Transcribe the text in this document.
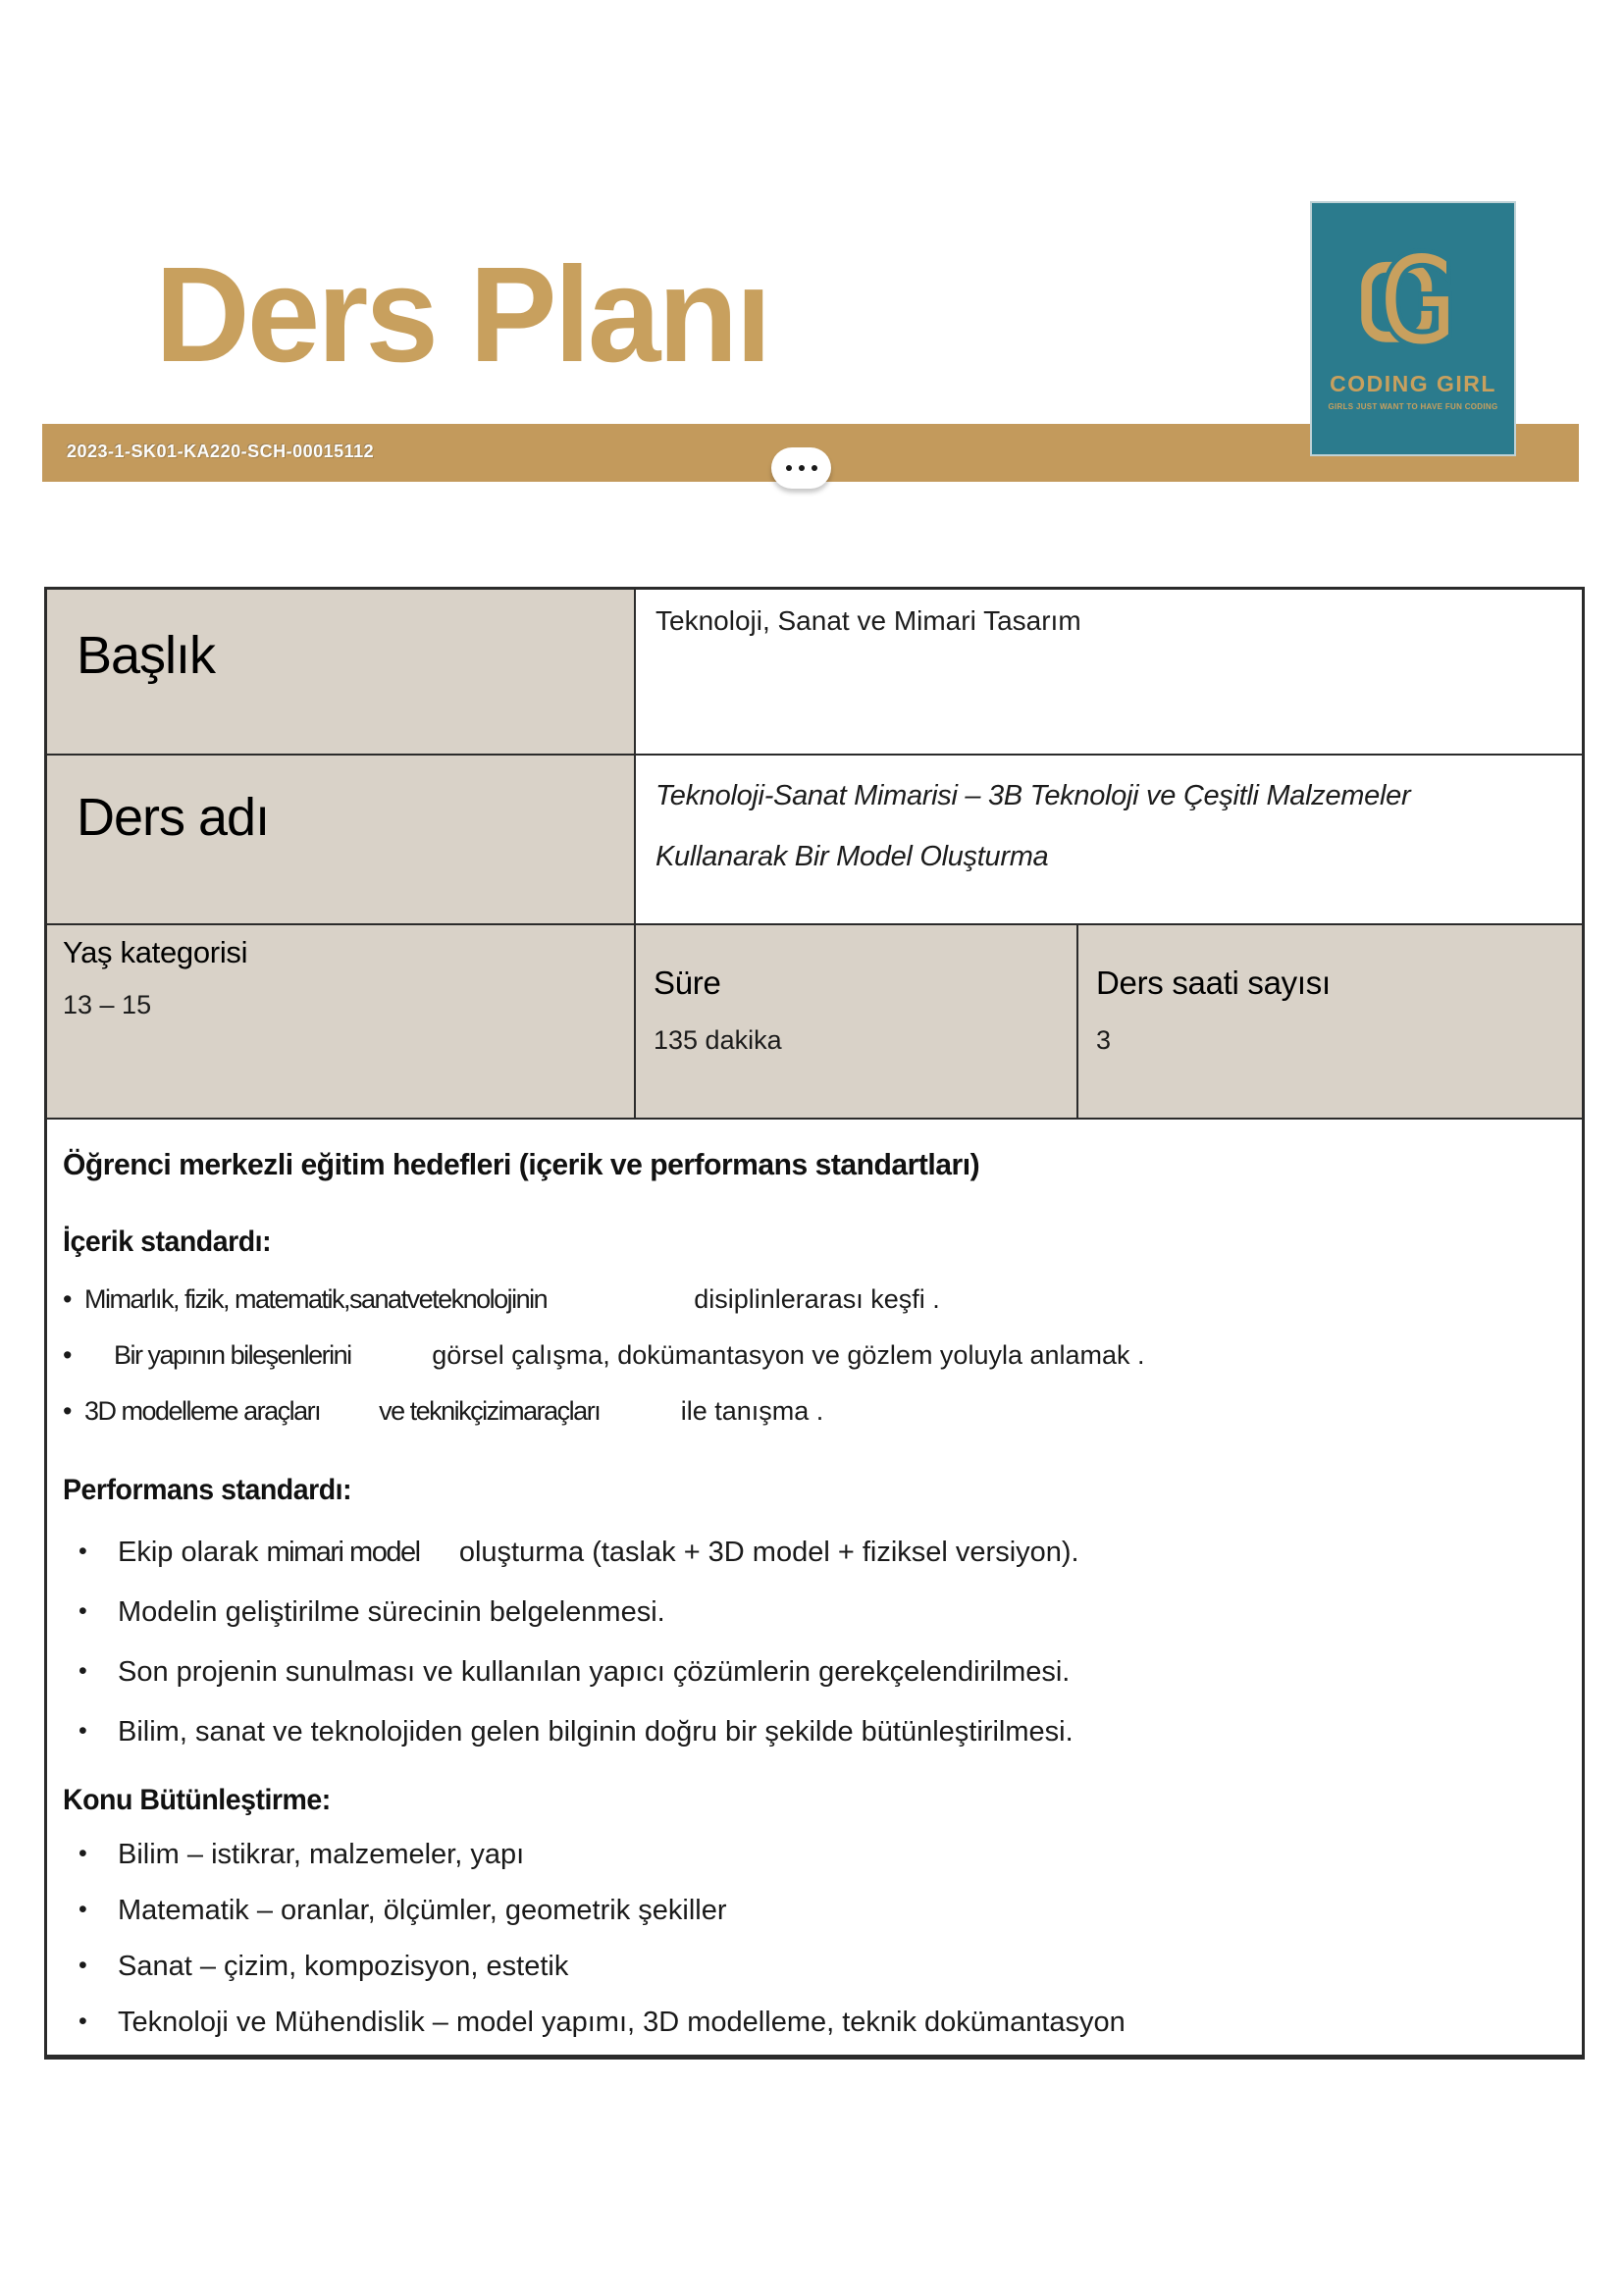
Ders Planı
2023-1-SK01-KA220-SCH-00015112
G
CODING GIRL
GIRLS JUST WANT TO HAVE FUN CODING
Başlık
Teknoloji, Sanat ve Mimari Tasarım
Ders adı	Teknoloji-Sanat Mimarisi – 3B Teknoloji ve Çeşitli Malzemeler
Kullanarak Bir Model Oluşturma
Yaş kategorisi
13 – 15
Süre
135 dakika
Ders saati sayısı
3
Öğrenci merkezli eğitim hedefleri (içerik ve performans standartları)
İçerik standardı:
• Mimarlık, fizik, matematik,sanatveteknolojinin                    disiplinlerarası keşfi .
•      Bir yapının bileşenlerini           görsel çalışma, dokümantasyon ve gözlem yoluyla anlamak .
• 3D modelleme araçları          ve teknikçizimaraçları           ile tanışma .
Performans standardı:
• Ekip olarak mimari model     oluşturma (taslak + 3D model + fiziksel versiyon).
• Modelin geliştirilme sürecinin belgelenmesi.
• Son projenin sunulması ve kullanılan yapıcı çözümlerin gerekçelendirilmesi.
• Bilim, sanat ve teknolojiden gelen bilginin doğru bir şekilde bütünleştirilmesi.
Konu Bütünleştirme:
• Bilim – istikrar, malzemeler, yapı
• Matematik – oranlar, ölçümler, geometrik şekiller
• Sanat – çizim, kompozisyon, estetik
• Teknoloji ve Mühendislik – model yapımı, 3D modelleme, teknik dokümantasyon
